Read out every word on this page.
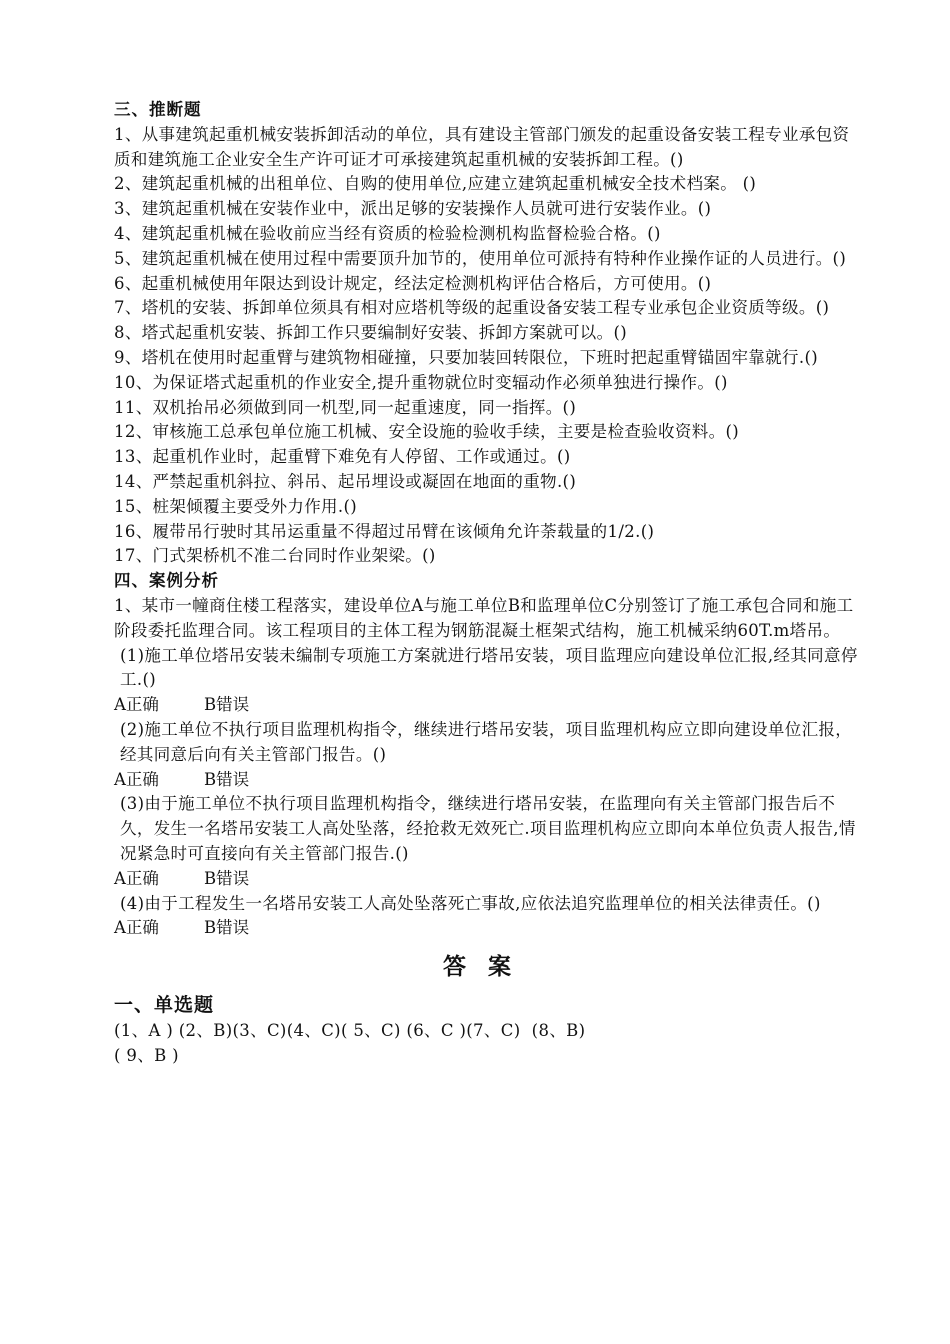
三、推断题
1、从事建筑起重机械安装拆卸活动的单位，具有建设主管部门颁发的起重设备安装工程专业承包资质和建筑施工企业安全生产许可证才可承接建筑起重机械的安装拆卸工程。()
2、建筑起重机械的出租单位、自购的使用单位,应建立建筑起重机械安全技术档案。 ()
3、建筑起重机械在安装作业中，派出足够的安装操作人员就可进行安装作业。()
4、建筑起重机械在验收前应当经有资质的检验检测机构监督检验合格。()
5、建筑起重机械在使用过程中需要顶升加节的，使用单位可派持有特种作业操作证的人员进行。()
6、起重机械使用年限达到设计规定，经法定检测机构评估合格后，方可使用。()
7、塔机的安装、拆卸单位须具有相对应塔机等级的起重设备安装工程专业承包企业资质等级。()
8、塔式起重机安装、拆卸工作只要编制好安装、拆卸方案就可以。()
9、塔机在使用时起重臂与建筑物相碰撞，只要加装回转限位，下班时把起重臂锚固牢靠就行.()
10、为保证塔式起重机的作业安全,提升重物就位时变辐动作必须单独进行操作。()
11、双机抬吊必须做到同一机型,同一起重速度，同一指挥。()
12、审核施工总承包单位施工机械、安全设施的验收手续，主要是检查验收资料。()
13、起重机作业时，起重臂下难免有人停留、工作或通过。()
14、严禁起重机斜拉、斜吊、起吊埋设或凝固在地面的重物.()
15、桩架倾覆主要受外力作用.()
16、履带吊行驶时其吊运重量不得超过吊臂在该倾角允许荼载量的1/2.()
17、门式架桥机不准二台同时作业架梁。()
四、案例分析
1、某市一幢商住楼工程落实，建设单位A与施工单位B和监理单位C分别签订了施工承包合同和施工阶段委托监理合同。该工程项目的主体工程为钢筋混凝土框架式结构，施工机械采纳60T.m塔吊。
(1)施工单位塔吊安装未编制专项施工方案就进行塔吊安装，项目监理应向建设单位汇报,经其同意停工.()
A正确	B错误
(2)施工单位不执行项目监理机构指令，继续进行塔吊安装，项目监理机构应立即向建设单位汇报，经其同意后向有关主管部门报告。()
A正确	B错误
(3)由于施工单位不执行项目监理机构指令，继续进行塔吊安装，在监理向有关主管部门报告后不久，发生一名塔吊安装工人高处坠落，经抢救无效死亡.项目监理机构应立即向本单位负责人报告,情况紧急时可直接向有关主管部门报告.()
A正确	B错误
(4)由于工程发生一名塔吊安装工人高处坠落死亡事故,应依法追究监理单位的相关法律责任。()
A正确	B错误
答案
一、单选题
(1、A ) (2、B)(3、C)(4、C)( 5、C) (6、C )(7、C)  (8、B)
( 9、B )
